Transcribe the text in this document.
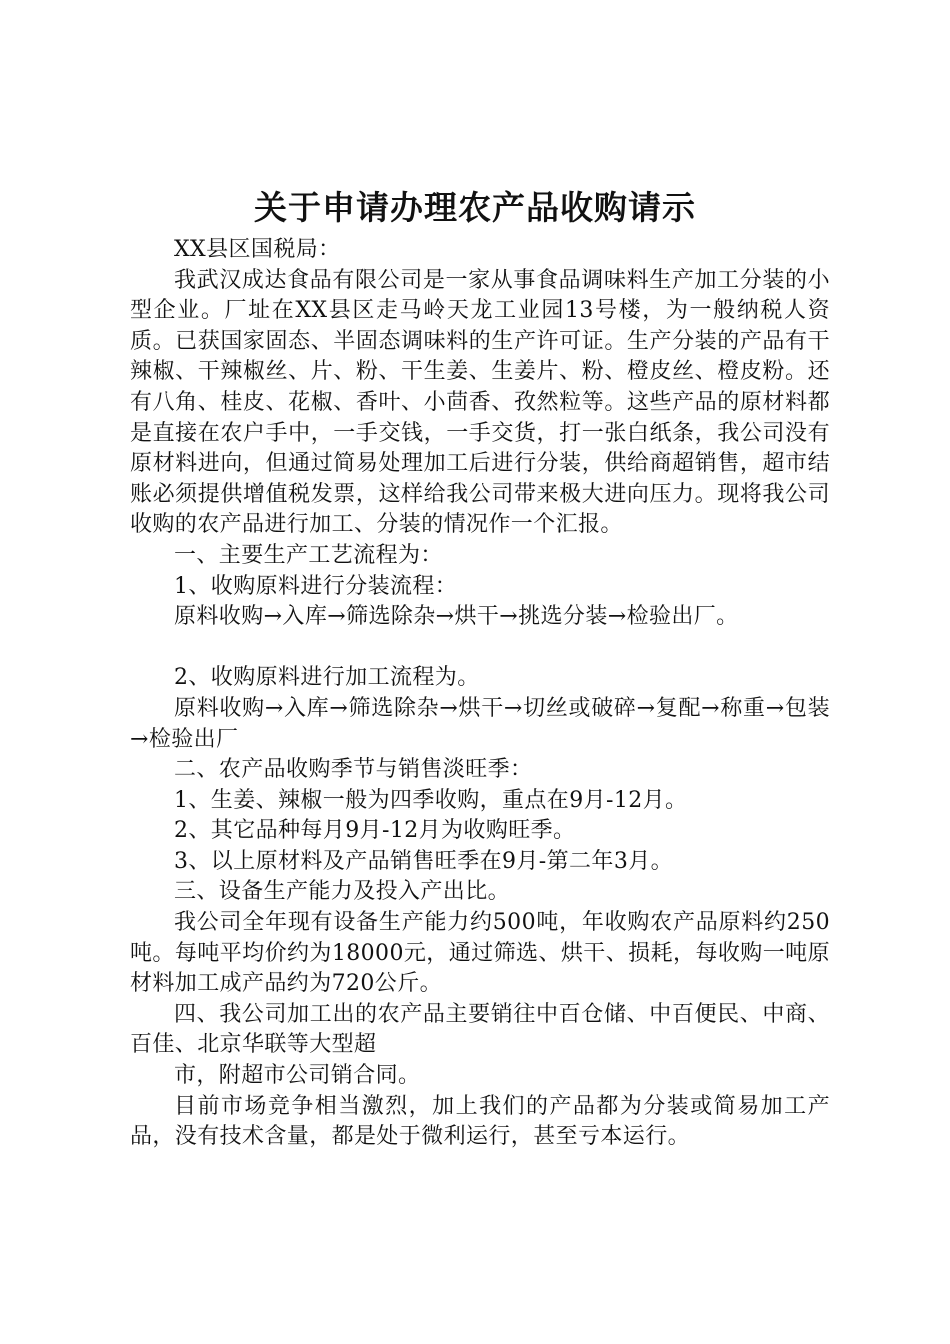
关于申请办理农产品收购请示

XX县区国税局：

我武汉成达食品有限公司是一家从事食品调味料生产加工分装的小型企业。厂址在XX县区走马岭天龙工业园13号楼，为一般纳税人资质。已获国家固态、半固态调味料的生产许可证。生产分装的产品有干辣椒、干辣椒丝、片、粉、干生姜、生姜片、粉、橙皮丝、橙皮粉。还有八角、桂皮、花椒、香叶、小茴香、孜然粒等。这些产品的原材料都是直接在农户手中，一手交钱，一手交货，打一张白纸条，我公司没有原材料进向，但通过简易处理加工后进行分装，供给商超销售，超市结账必须提供增值税发票，这样给我公司带来极大进向压力。现将我公司收购的农产品进行加工、分装的情况作一个汇报。

一、主要生产工艺流程为：

1、收购原料进行分装流程：

原料收购→入库→筛选除杂→烘干→挑选分装→检验出厂。

2、收购原料进行加工流程为。

原料收购→入库→筛选除杂→烘干→切丝或破碎→复配→称重→包装→检验出厂

二、农产品收购季节与销售淡旺季：

1、生姜、辣椒一般为四季收购，重点在9月-12月。

2、其它品种每月9月-12月为收购旺季。

3、以上原材料及产品销售旺季在9月-第二年3月。

三、设备生产能力及投入产出比。

我公司全年现有设备生产能力约500吨，年收购农产品原料约250吨。每吨平均价约为18000元，通过筛选、烘干、损耗，每收购一吨原材料加工成产品约为720公斤。

四、我公司加工出的农产品主要销往中百仓储、中百便民、中商、百佳、北京华联等大型超

市，附超市公司销合同。

目前市场竞争相当激烈，加上我们的产品都为分装或简易加工产品，没有技术含量，都是处于微利运行，甚至亏本运行。
